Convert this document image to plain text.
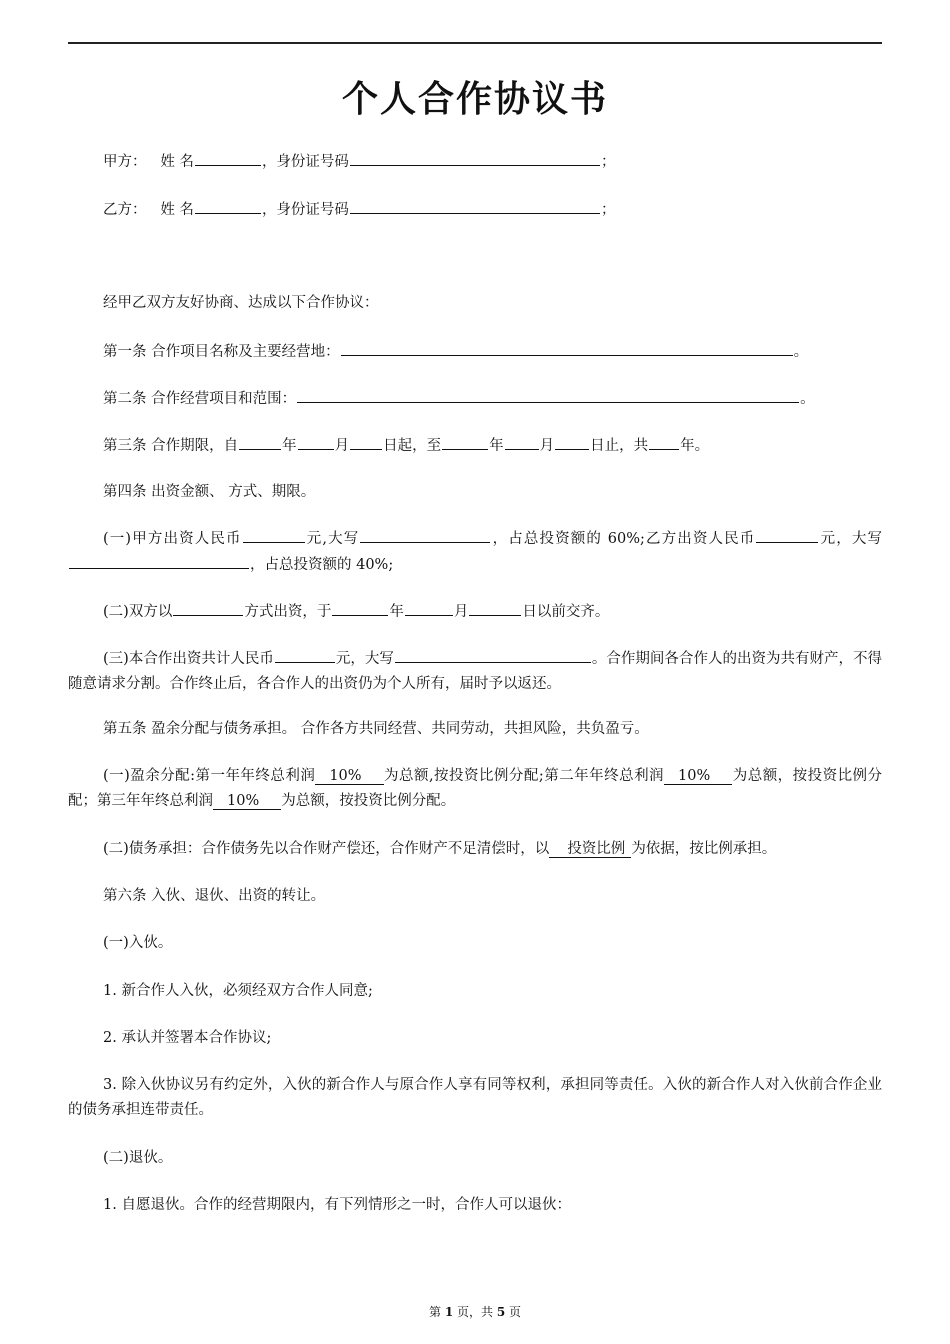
个人合作协议书
甲方： 姓 名	，身份证号码	；
乙方： 姓 名	，身份证号码	；
经甲乙双方友好协商、达成以下合作协议：
第一条 合作项目名称及主要经营地：	。
第二条 合作经营项目和范围：	。
第三条 合作期限，自	年	月 日起，至	年 月 日止，共 年。
第四条 出资金额、 方式、期限。
(一)甲方出资人民币	元,大写	，占总投资额的 60%;乙方出资人民币	元，大写，占总投资额的 40%;
(二)双方以	方式出资，于	年	月	日以前交齐。
(三)本合作出资共计人民币	元，大写	。合作期间各合作人的出资为共有财产，不得随意请求分割。合作终止后，各合作人的出资仍为个人所有，届时予以返还。
第五条 盈余分配与债务承担。 合作各方共同经营、共同劳动，共担风险，共负盈亏。
(一)盈余分配:第一年年终总利润 10% 为总额,按投资比例分配;第二年年终总利润 10% 为总额，按投资比例分配；第三年年终总利润 10% 为总额，按投资比例分配。
(二)债务承担：合作债务先以合作财产偿还，合作财产不足清偿时，以 投资比例 为依据，按比例承担。
第六条 入伙、退伙、出资的转让。
(一)入伙。
1. 新合作人入伙，必须经双方合作人同意;
2. 承认并签署本合作协议;
3. 除入伙协议另有约定外，入伙的新合作人与原合作人享有同等权利，承担同等责任。入伙的新合作人对入伙前合作企业的债务承担连带责任。
(二)退伙。
1. 自愿退伙。合作的经营期限内，有下列情形之一时，合作人可以退伙：
第 1 页，共 5 页
